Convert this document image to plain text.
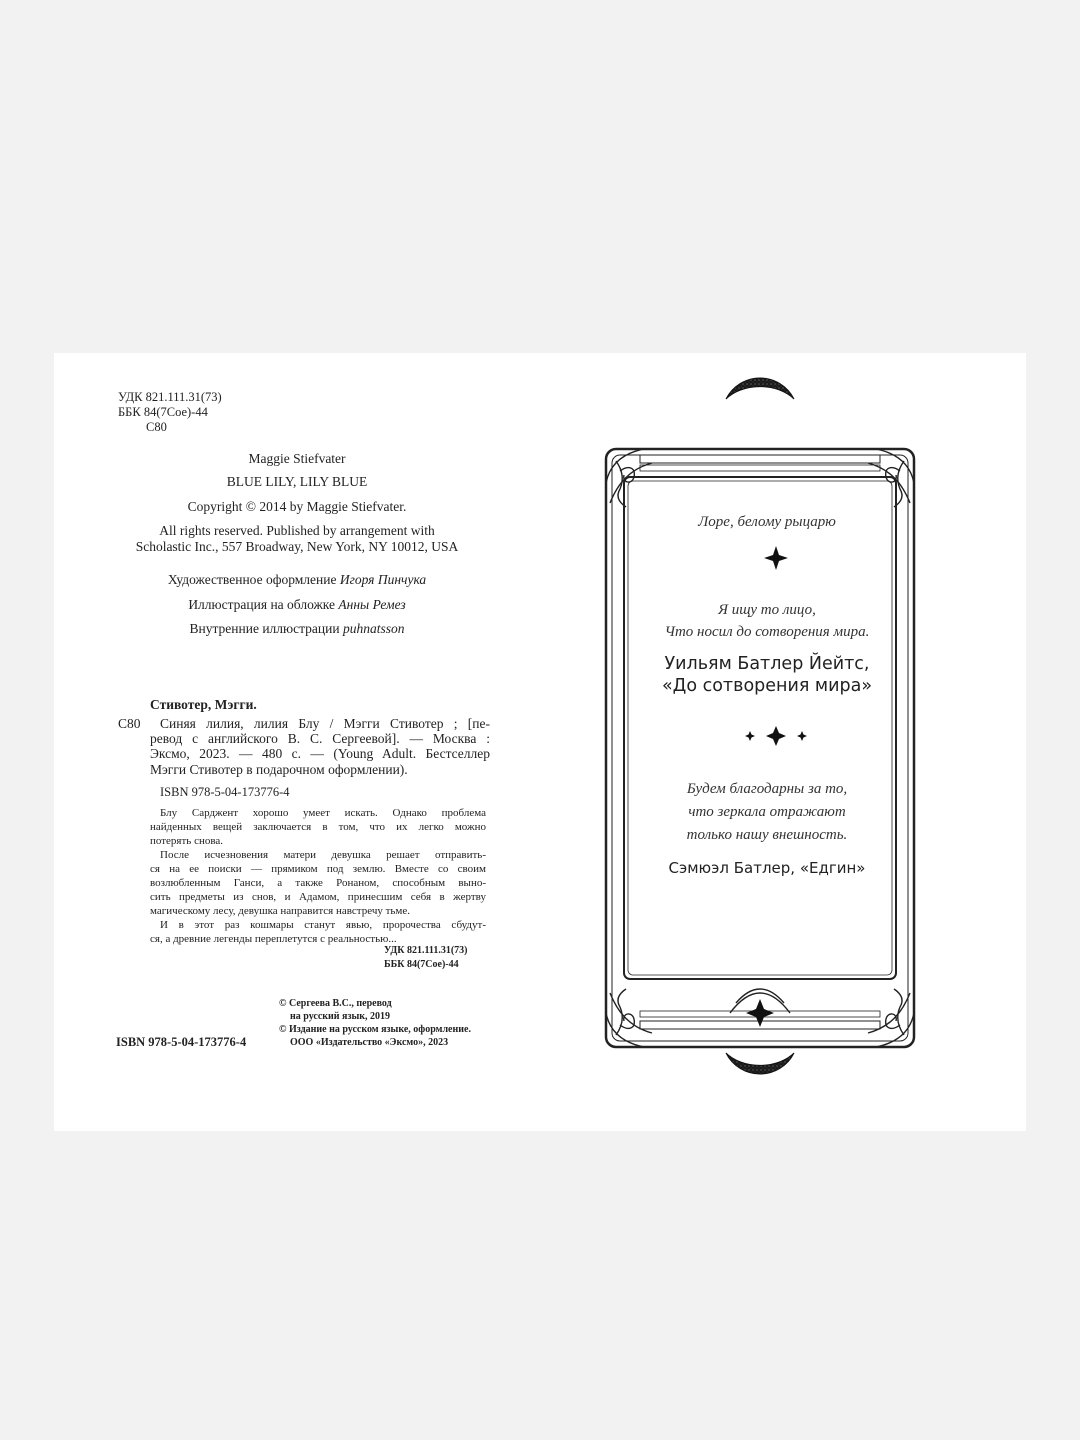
УДК 821.111.31(73)
ББК 84(7Сое)-44
С80
Maggie Stiefvater
BLUE LILY, LILY BLUE
Copyright © 2014 by Maggie Stiefvater.
All rights reserved. Published by arrangement with
Scholastic Inc., 557 Broadway, New York, NY 10012, USA
Художественное оформление Игоря Пинчука
Иллюстрация на обложке Анны Ремез
Внутренние иллюстрации puhnatsson
Стивотер, Мэгги.
С80 Синяя лилия, лилия Блу / Мэгги Стивотер ; [пе-
ревод с английского В. С. Сергеевой]. — Москва :
Эксмо, 2023. — 480 с. — (Young Adult. Бестселлер
Мэгги Стивотер в подарочном оформлении).
ISBN 978-5-04-173776-4
Блу Сарджент хорошо умеет искать. Однако проблема
найденных вещей заключается в том, что их легко можно
потерять снова.
После исчезновения матери девушка решает отправить-
ся на ее поиски — прямиком под землю. Вместе со своим
возлюбленным Ганси, а также Ронаном, способным выно-
сить предметы из снов, и Адамом, принесшим себя в жертву
магическому лесу, девушка направится навстречу тьме.
И в этот раз кошмары станут явью, пророчества сбудут-
ся, а древние легенды переплетутся с реальностью...
УДК 821.111.31(73)
ББК 84(7Сое)-44
© Сергеева В.С., перевод
на русский язык, 2019
© Издание на русском языке, оформление.
ООО «Издательство «Эксмо», 2023
ISBN 978-5-04-173776-4
Лоре, белому рыцарю
Я ищу то лицо,
Что носил до сотворения мира.
Уильям Батлер Йейтс,
«До сотворения мира»
Будем благодарны за то,
что зеркала отражают
только нашу внешность.
Сэмюэл Батлер, «Едгин»
